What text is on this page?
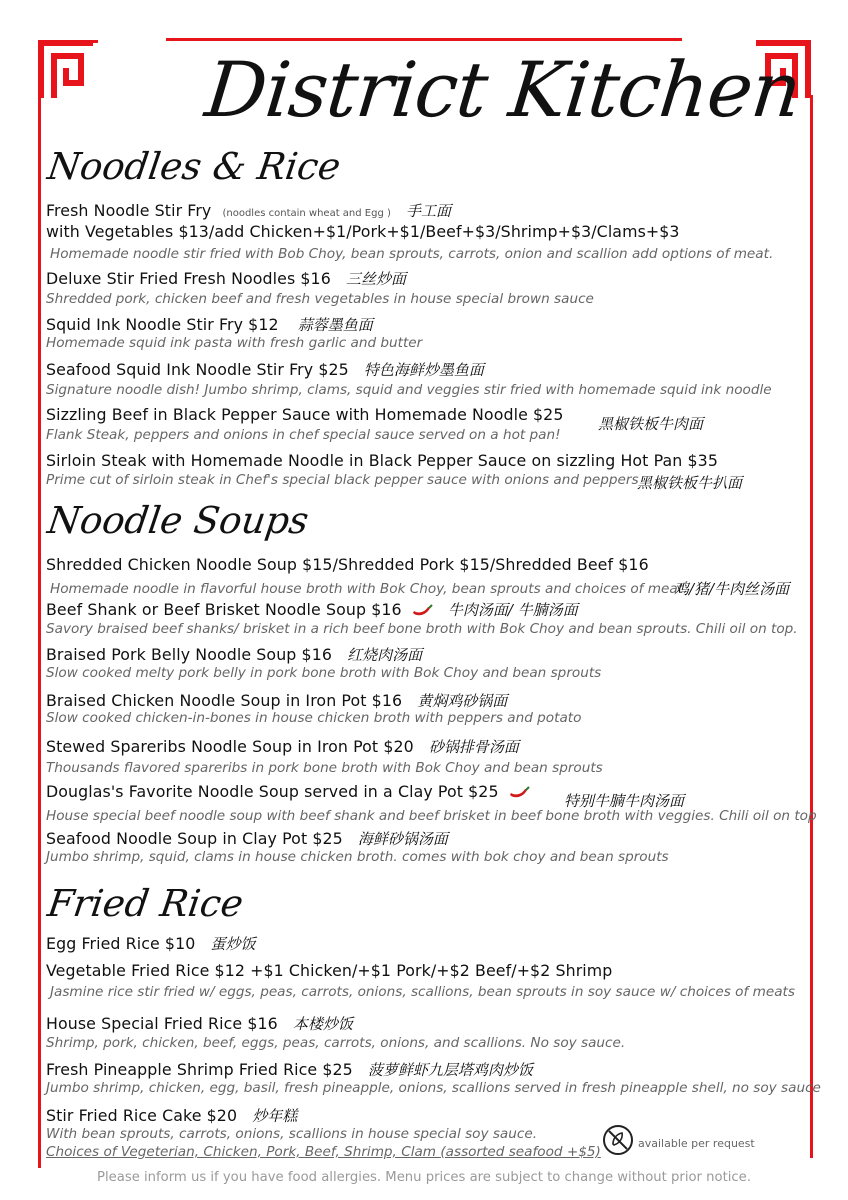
District Kitchen
Noodles & Rice
Fresh Noodle Stir Fry (noodles contain wheat and Egg ) 手工面
with Vegetables $13/add Chicken+$1/Pork+$1/Beef+$3/Shrimp+$3/Clams+$3
Homemade noodle stir fried with Bob Choy, bean sprouts, carrots, onion and scallion add options of meat.
Deluxe Stir Fried Fresh Noodles $16 三丝炒面
Shredded pork, chicken beef and fresh vegetables in house special brown sauce
Squid Ink Noodle Stir Fry $12 蒜蓉墨鱼面
Homemade squid ink pasta with fresh garlic and butter
Seafood Squid Ink Noodle Stir Fry $25 特色海鲜炒墨鱼面
Signature noodle dish! Jumbo shrimp, clams, squid and veggies stir fried with homemade squid ink noodle
Sizzling Beef in Black Pepper Sauce with Homemade Noodle $25 黑椒铁板牛肉面
Flank Steak, peppers and onions in chef special sauce served on a hot pan!
Sirloin Steak with Homemade Noodle in Black Pepper Sauce on sizzling Hot Pan $35
Prime cut of sirloin steak in Chef's special black pepper sauce with onions and peppers
黑椒铁板牛扒面
Noodle Soups
Shredded Chicken Noodle Soup $15/Shredded Pork $15/Shredded Beef $16
Homemade noodle in flavorful house broth with Bok Choy, bean sprouts and choices of meat.
鸡/猪/牛肉丝汤面
Beef Shank or Beef Brisket Noodle Soup $16	牛肉汤面/ 牛腩汤面
Savory braised beef shanks/ brisket in a rich beef bone broth with Bok Choy and bean sprouts. Chili oil on top.
Braised Pork Belly Noodle Soup $16 红烧肉汤面
Slow cooked melty pork belly in pork bone broth with Bok Choy and bean sprouts
Braised Chicken Noodle Soup in Iron Pot $16 黄焖鸡砂锅面
Slow cooked chicken-in-bones in house chicken broth with peppers and potato
Stewed Spareribs Noodle Soup in Iron Pot $20 砂锅排骨汤面
Thousands flavored spareribs in pork bone broth with Bok Choy and bean sprouts
Douglas's Favorite Noodle Soup served in a Clay Pot $25	特别牛腩牛肉汤面
House special beef noodle soup with beef shank and beef brisket in beef bone broth with veggies. Chili oil on top
Seafood Noodle Soup in Clay Pot $25 海鲜砂锅汤面
Jumbo shrimp, squid, clams in house chicken broth. comes with bok choy and bean sprouts
Fried Rice
Egg Fried Rice $10 蛋炒饭
Vegetable Fried Rice $12 +$1 Chicken/+$1 Pork/+$2 Beef/+$2 Shrimp
Jasmine rice stir fried w/ eggs, peas, carrots, onions, scallions, bean sprouts in soy sauce w/ choices of meats
House Special Fried Rice $16 本楼炒饭
Shrimp, pork, chicken, beef, eggs, peas, carrots, onions, and scallions. No soy sauce.
Fresh Pineapple Shrimp Fried Rice $25 菠萝鲜虾九层塔鸡肉炒饭
Jumbo shrimp, chicken, egg, basil, fresh pineapple, onions, scallions served in fresh pineapple shell, no soy sauce
Stir Fried Rice Cake $20 炒年糕
With bean sprouts, carrots, onions, scallions in house special soy sauce.
Choices of Vegeterian, Chicken, Pork, Beef, Shrimp, Clam (assorted seafood +$5)
available per request
Please inform us if you have food allergies. Menu prices are subject to change without prior notice.
